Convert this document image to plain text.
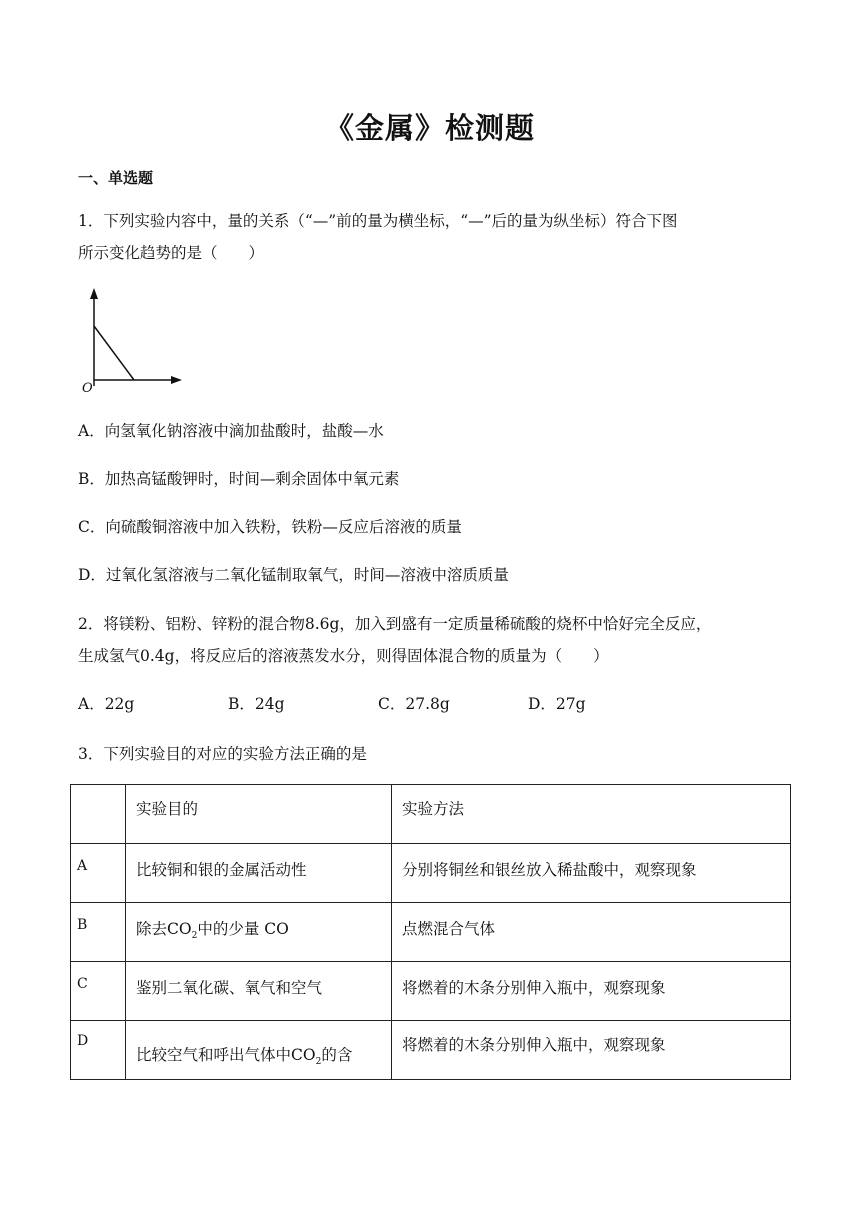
《金属》检测题
一、单选题
1．下列实验内容中，量的关系（“—”前的量为横坐标，“—”后的量为纵坐标）符合下图
所示变化趋势的是（　　）
O
A．向氢氧化钠溶液中滴加盐酸时，盐酸—水
B．加热高锰酸钾时，时间—剩余固体中氧元素
C．向硫酸铜溶液中加入铁粉，铁粉—反应后溶液的质量
D．过氧化氢溶液与二氧化锰制取氧气，时间—溶液中溶质质量
2．将镁粉、铝粉、锌粉的混合物8.6g，加入到盛有一定质量稀硫酸的烧杯中恰好完全反应，
生成氢气0.4g，将反应后的溶液蒸发水分，则得固体混合物的质量为（　　）
A．22g	B．24g	C．27.8g	D．27g
3．下列实验目的对应的实验方法正确的是

	实验目的	实验方法

A	比较铜和银的金属活动性	分别将铜丝和银丝放入稀盐酸中，观察现象

B	除去$CO_2$中的少量 CO	点燃混合气体

C	鉴别二氧化碳、氧气和空气	将燃着的木条分别伸入瓶中，观察现象

D	比较空气和呼出气体中$CO_2$的含	将燃着的木条分别伸入瓶中，观察现象
